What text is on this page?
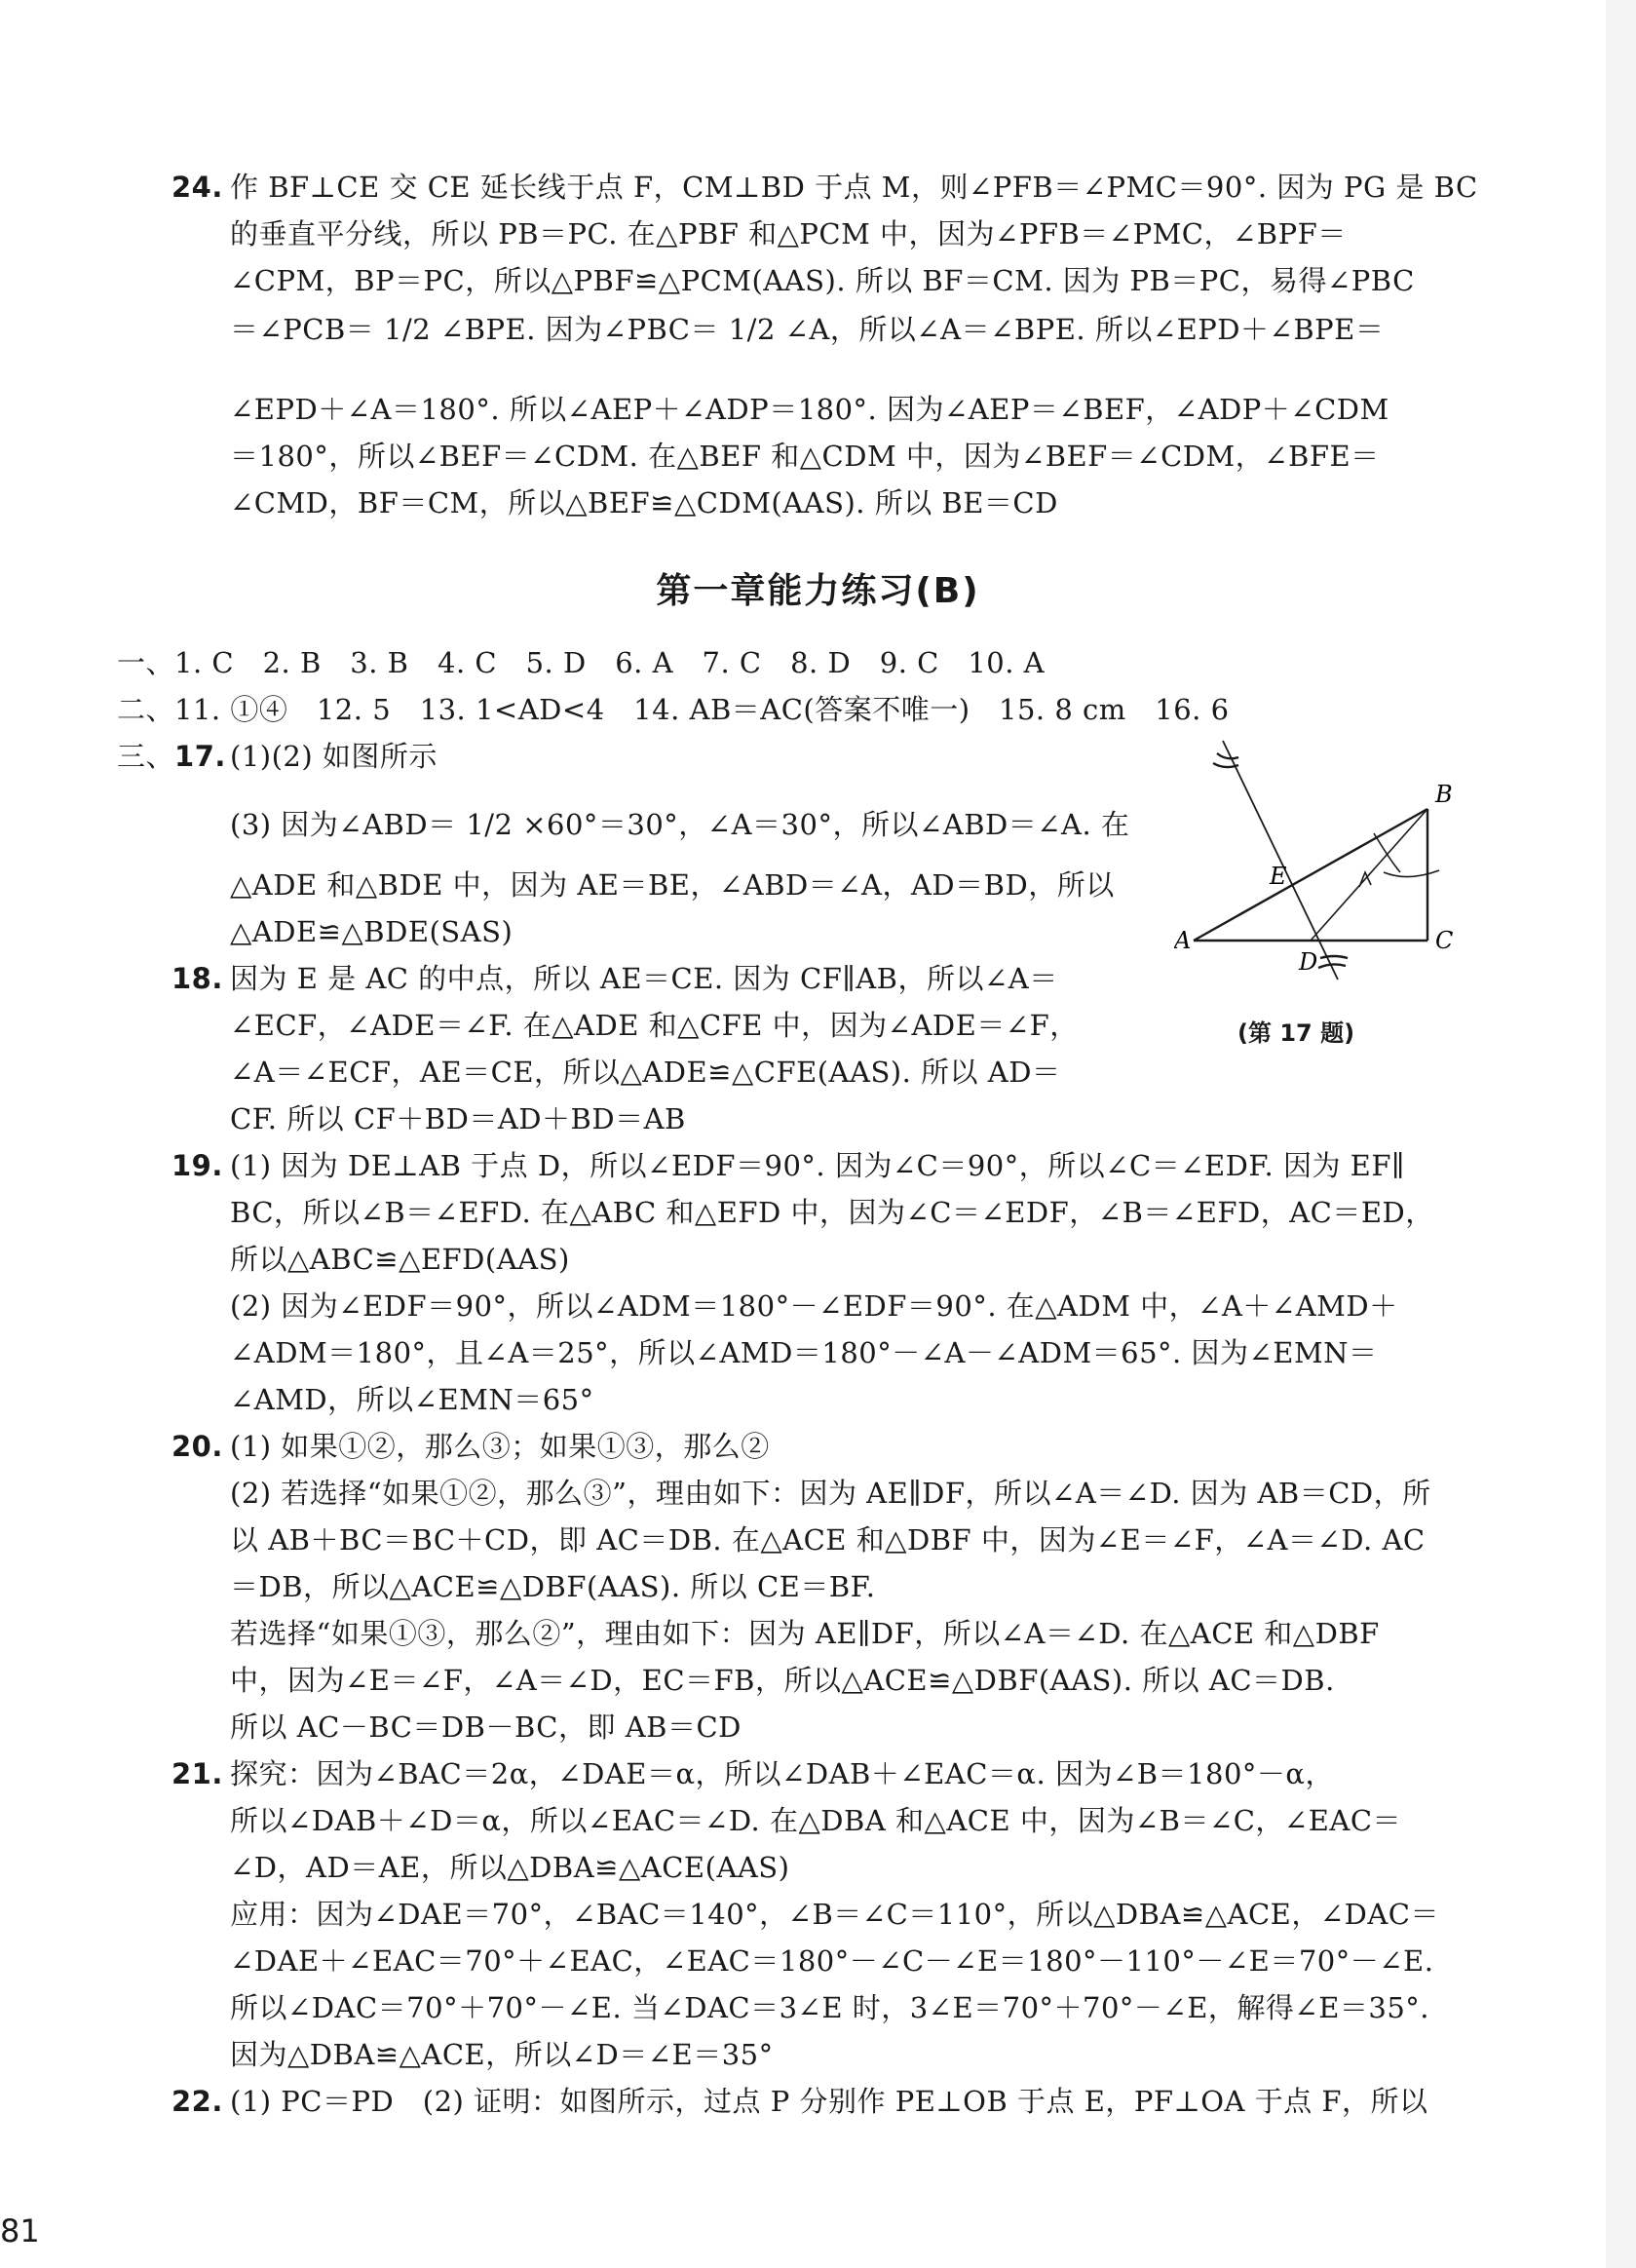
24. 作 BF⊥CE 交 CE 延长线于点 F，CM⊥BD 于点 M，则∠PFB＝∠PMC＝90°. 因为 PG 是 BC
的垂直平分线，所以 PB＝PC. 在△PBF 和△PCM 中，因为∠PFB＝∠PMC，∠BPF＝
∠CPM，BP＝PC，所以△PBF≌△PCM(AAS). 所以 BF＝CM. 因为 PB＝PC，易得∠PBC
＝∠PCB＝ 1/2 ∠BPE. 因为∠PBC＝ 1/2 ∠A，所以∠A＝∠BPE. 所以∠EPD＋∠BPE＝
∠EPD＋∠A＝180°. 所以∠AEP＋∠ADP＝180°. 因为∠AEP＝∠BEF，∠ADP＋∠CDM
＝180°，所以∠BEF＝∠CDM. 在△BEF 和△CDM 中，因为∠BEF＝∠CDM，∠BFE＝
∠CMD，BF＝CM，所以△BEF≌△CDM(AAS). 所以 BE＝CD
第一章能力练习(B)
一、1. C　2. B　3. B　4. C　5. D　6. A　7. C　8. D　9. C　10. A
二、11. ①④　12. 5　13. 1<AD<4　14. AB＝AC(答案不唯一)　15. 8 cm　16. 6
三、17. (1)(2) 如图所示
(3) 因为∠ABD＝ 1/2 ×60°＝30°，∠A＝30°，所以∠ABD＝∠A. 在
△ADE 和△BDE 中，因为 AE＝BE，∠ABD＝∠A，AD＝BD，所以
△ADE≌△BDE(SAS)	A
B
C
D
E
(第 17 题)
18. 因为 E 是 AC 的中点，所以 AE＝CE. 因为 CF∥AB，所以∠A＝
∠ECF，∠ADE＝∠F. 在△ADE 和△CFE 中，因为∠ADE＝∠F，
∠A＝∠ECF，AE＝CE，所以△ADE≌△CFE(AAS). 所以 AD＝
CF. 所以 CF＋BD＝AD＋BD＝AB
19. (1) 因为 DE⊥AB 于点 D，所以∠EDF＝90°. 因为∠C＝90°，所以∠C＝∠EDF. 因为 EF∥
BC，所以∠B＝∠EFD. 在△ABC 和△EFD 中，因为∠C＝∠EDF，∠B＝∠EFD，AC＝ED，
所以△ABC≌△EFD(AAS)
(2) 因为∠EDF＝90°，所以∠ADM＝180°－∠EDF＝90°. 在△ADM 中，∠A＋∠AMD＋
∠ADM＝180°，且∠A＝25°，所以∠AMD＝180°－∠A－∠ADM＝65°. 因为∠EMN＝
∠AMD，所以∠EMN＝65°
20. (1) 如果①②，那么③；如果①③，那么②
(2) 若选择“如果①②，那么③”，理由如下：因为 AE∥DF，所以∠A＝∠D. 因为 AB＝CD，所
以 AB＋BC＝BC＋CD，即 AC＝DB. 在△ACE 和△DBF 中，因为∠E＝∠F，∠A＝∠D. AC
＝DB，所以△ACE≌△DBF(AAS). 所以 CE＝BF.
若选择“如果①③，那么②”，理由如下：因为 AE∥DF，所以∠A＝∠D. 在△ACE 和△DBF
中，因为∠E＝∠F，∠A＝∠D，EC＝FB，所以△ACE≌△DBF(AAS). 所以 AC＝DB.
所以 AC－BC＝DB－BC，即 AB＝CD
21. 探究：因为∠BAC＝2α，∠DAE＝α，所以∠DAB＋∠EAC＝α. 因为∠B＝180°－α，
所以∠DAB＋∠D＝α，所以∠EAC＝∠D. 在△DBA 和△ACE 中，因为∠B＝∠C，∠EAC＝
∠D，AD＝AE，所以△DBA≌△ACE(AAS)
应用：因为∠DAE＝70°，∠BAC＝140°，∠B＝∠C＝110°，所以△DBA≌△ACE，∠DAC＝
∠DAE＋∠EAC＝70°＋∠EAC，∠EAC＝180°－∠C－∠E＝180°－110°－∠E＝70°－∠E.
所以∠DAC＝70°＋70°－∠E. 当∠DAC＝3∠E 时，3∠E＝70°＋70°－∠E，解得∠E＝35°.
因为△DBA≌△ACE，所以∠D＝∠E＝35°
22. (1) PC＝PD　(2) 证明：如图所示，过点 P 分别作 PE⊥OB 于点 E，PF⊥OA 于点 F，所以
81
